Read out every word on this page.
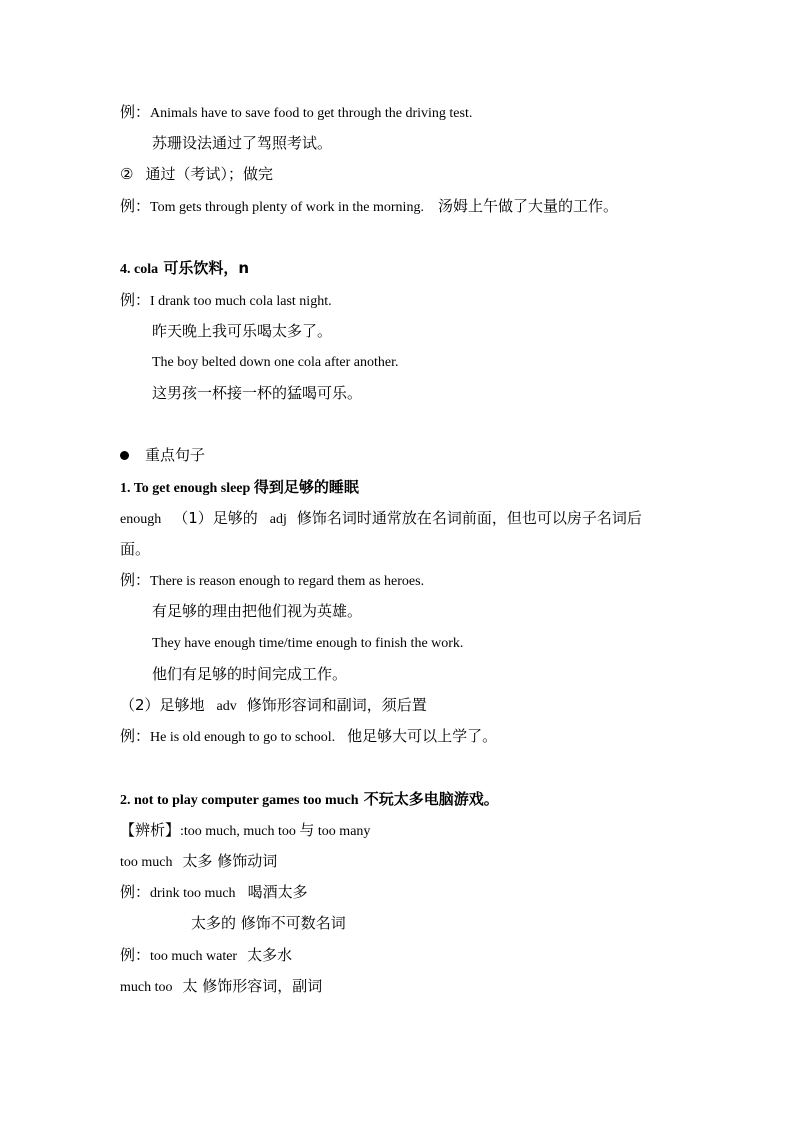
例：Animals have to save food to get through the driving test.
苏珊设法通过了驾照考试。
② 通过（考试）；做完
例：Tom gets through plenty of work in the morning. 汤姆上午做了大量的工作。
4. cola 可乐饮料，n
例：I drank too much cola last night.
昨天晚上我可乐喝太多了。
The boy belted down one cola after another.
这男孩一杯接一杯的猛喝可乐。
重点句子
1. To get enough sleep 得到足够的睡眠
enough （1）足够的 adj 修饰名词时通常放在名词前面，但也可以房子名词后
面。
例：There is reason enough to regard them as heroes.
有足够的理由把他们视为英雄。
They have enough time/time enough to finish the work.
他们有足够的时间完成工作。
（2）足够地 adv 修饰形容词和副词，须后置
例：He is old enough to go to school. 他足够大可以上学了。
2. not to play computer games too much 不玩太多电脑游戏。
【辨析】:too much, much too 与 too many
too much 太多 修饰动词
例：drink too much 喝酒太多
太多的 修饰不可数名词
例：too much water 太多水
much too 太 修饰形容词，副词
